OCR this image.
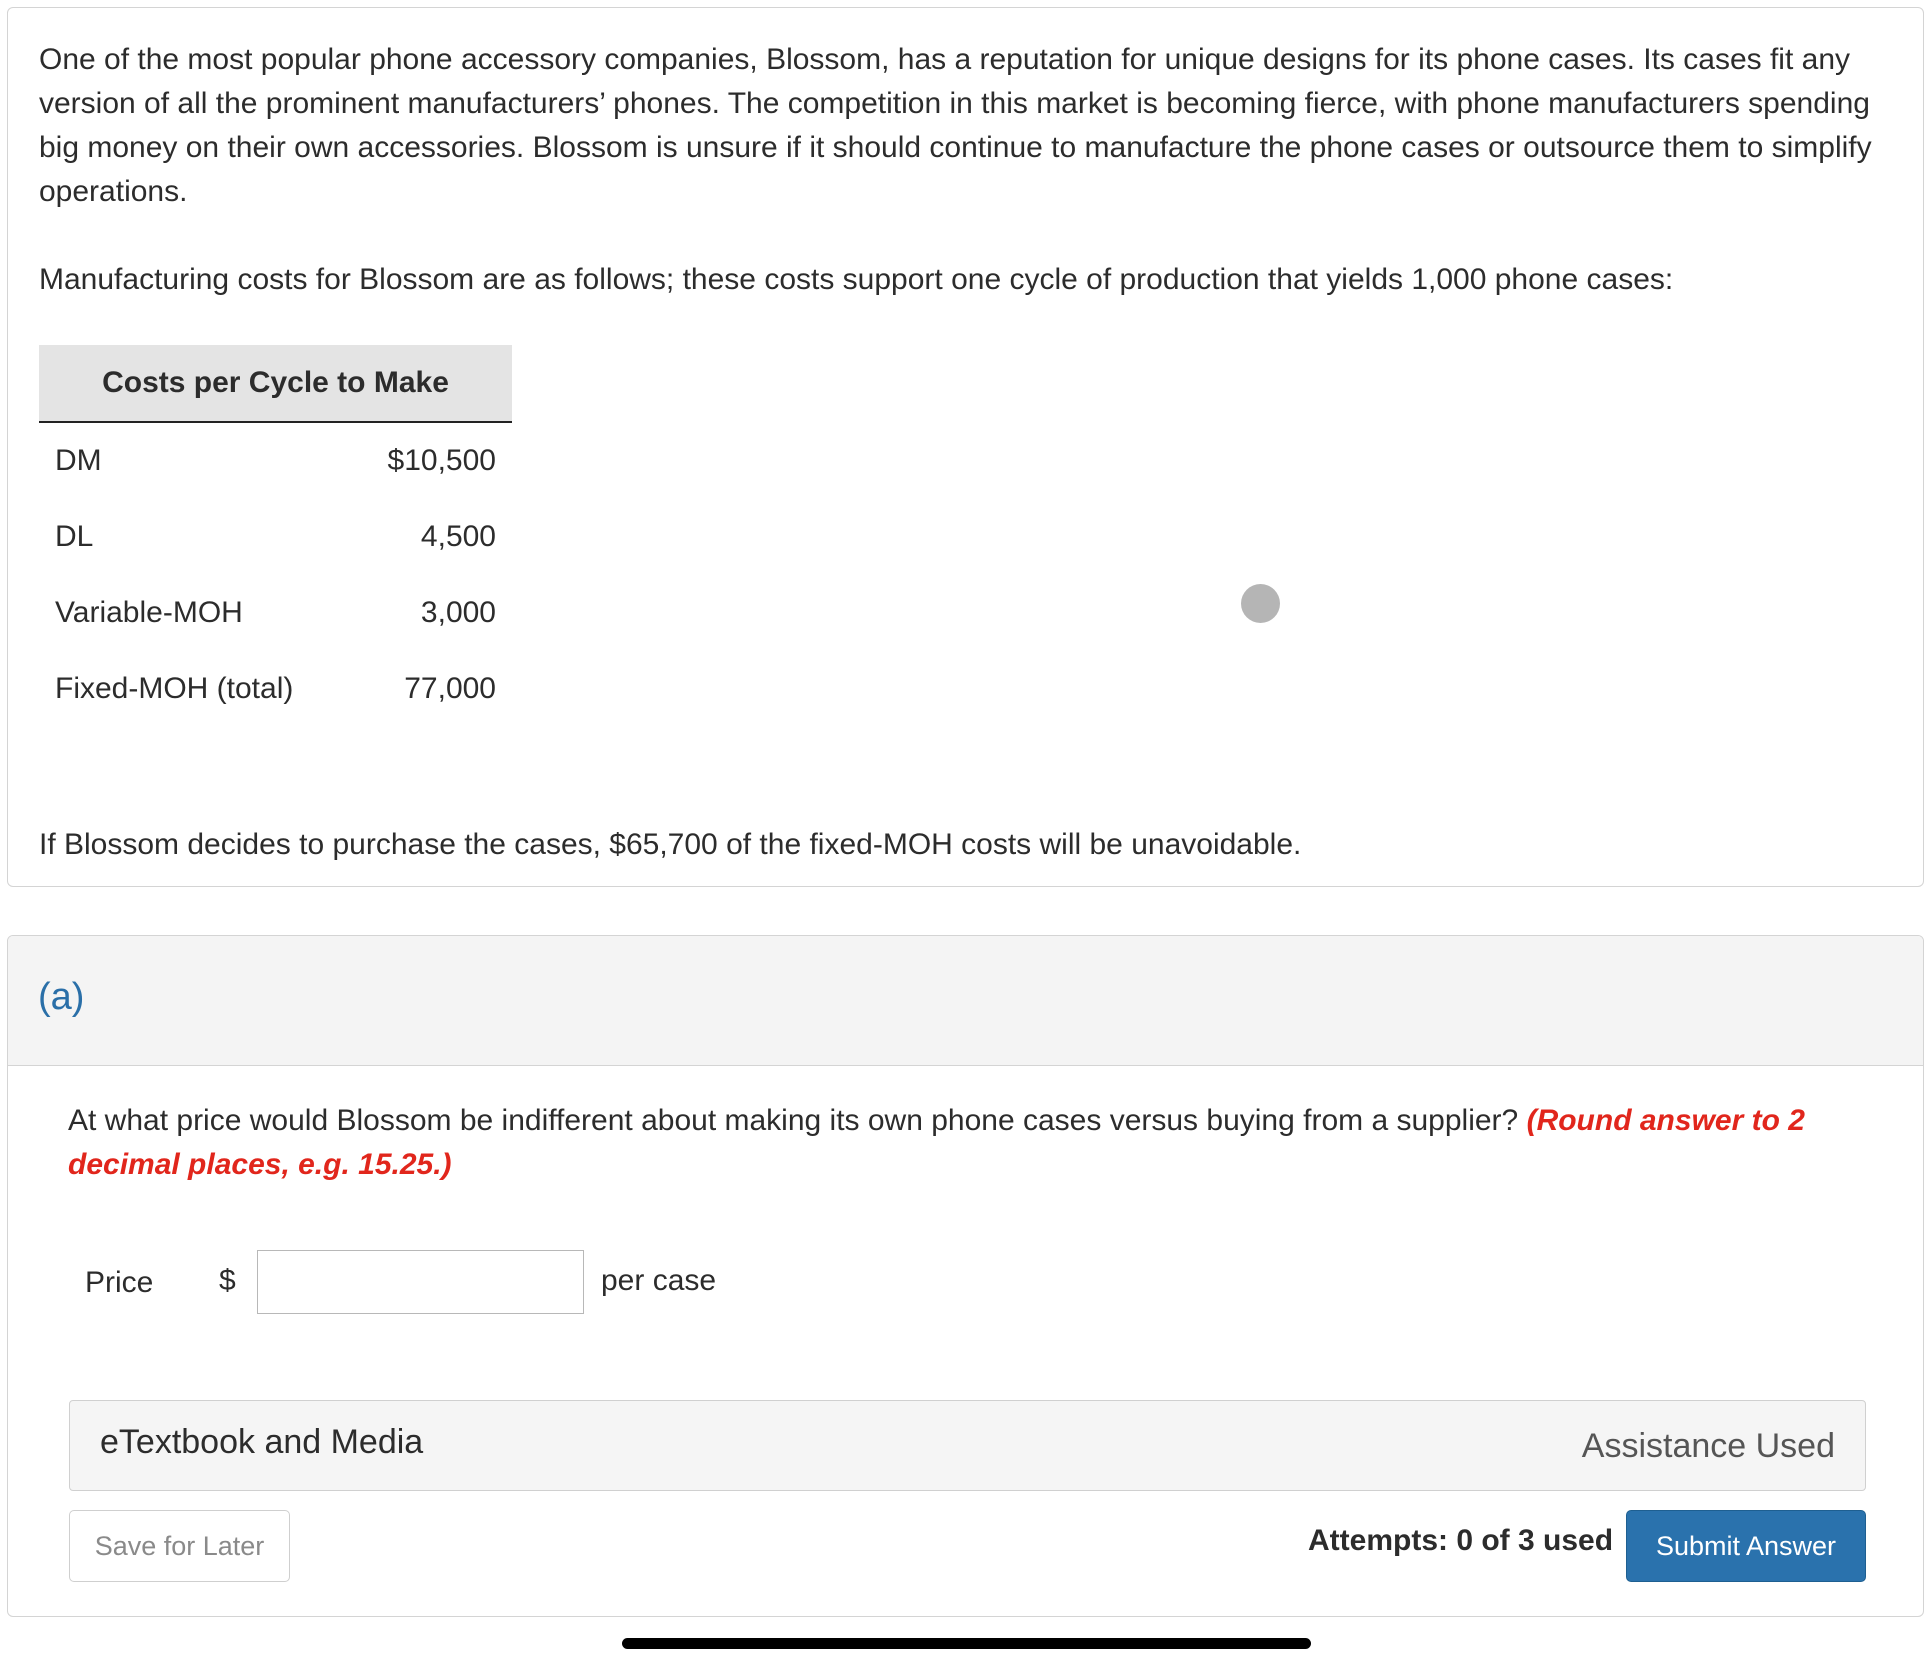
One of the most popular phone accessory companies, Blossom, has a reputation for unique designs for its phone cases. Its cases fit any version of all the prominent manufacturers’ phones. The competition in this market is becoming fierce, with phone manufacturers spending big money on their own accessories. Blossom is unsure if it should continue to manufacture the phone cases or outsource them to simplify operations.

Manufacturing costs for Blossom are as follows; these costs support one cycle of production that yields 1,000 phone cases:

Costs per Cycle to Make	
DM	$10,500
DL	4,500
Variable-MOH	3,000
Fixed-MOH (total)	77,000

If Blossom decides to purchase the cases, $65,700 of the fixed-MOH costs will be unavoidable.

(a)

At what price would Blossom be indifferent about making its own phone cases versus buying from a supplier? (Round answer to 2 decimal places, e.g. 15.25.)

Price $	per case
eTextbook and Media	Assistance Used
Save for Later	Attempts: 0 of 3 used	Submit Answer
